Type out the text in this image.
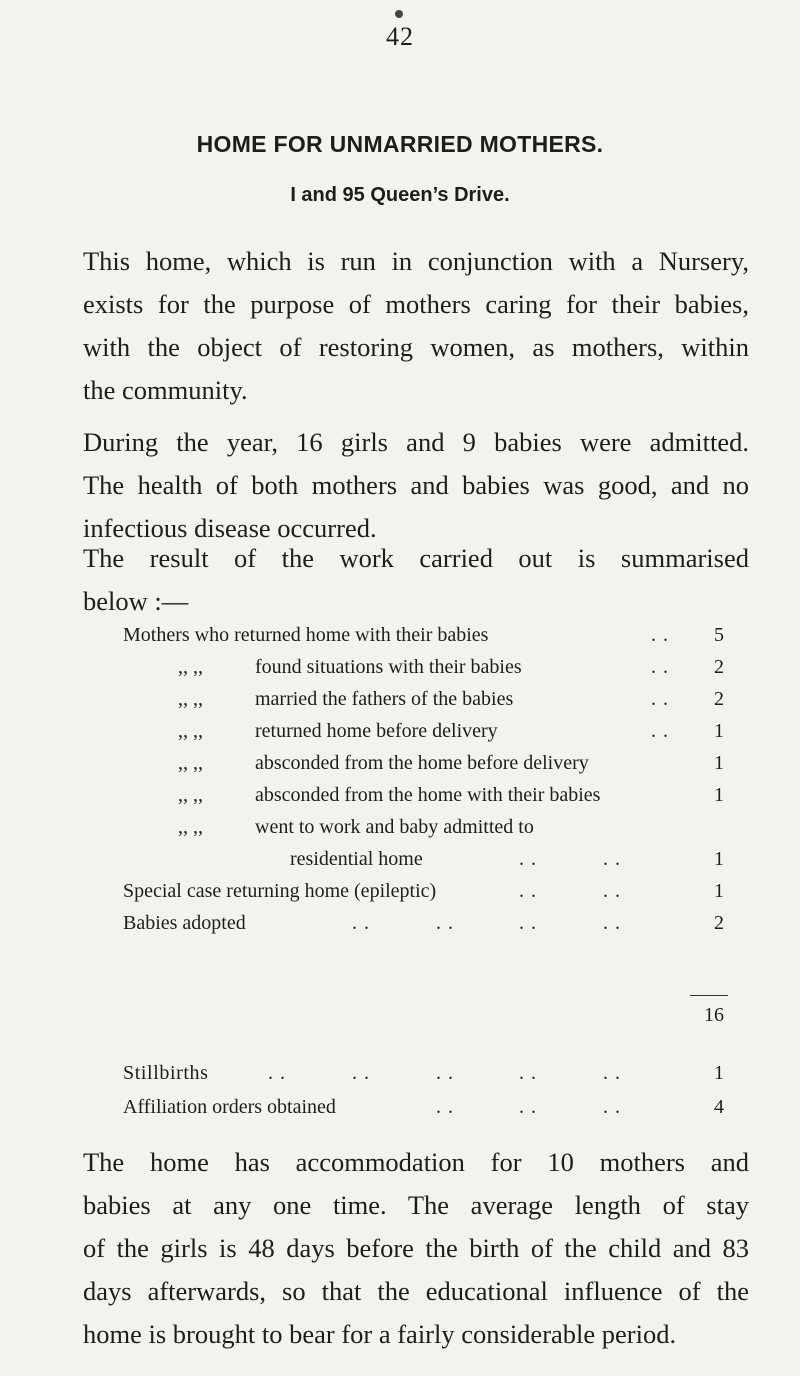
42
HOME FOR UNMARRIED MOTHERS.
I and 95 Queen’s Drive.

This home, which is run in conjunction with a Nursery,
exists for the purpose of mothers caring for their babies,
with the object of restoring women, as mothers, within
the community.

During the year, 16 girls and 9 babies were admitted.
The health of both mothers and babies was good, and no
infectious disease occurred.

The result of the work carried out is summarised
below :—

Mothers who returned home with their babies	. .	5
,, ,,	found situations with their babies	. .	2
,, ,,	married the fathers of the babies	. .	2
,, ,,	returned home before delivery	. .	1
,, ,,	absconded from the home before delivery	1
,, ,,	absconded from the home with their babies	1
,, ,,	went to work and baby admitted to
residential home	. .	. .	1
Special case returning home (epileptic)	. .	. .	1
Babies adopted	. .	. .	. .	. .	2
16
Stillbirths	. .	. .	. .	. .	. .	1
Affiliation orders obtained	. .	. .	. .	4

The home has accommodation for 10 mothers and
babies at any one time. The average length of stay
of the girls is 48 days before the birth of the child and 83
days afterwards, so that the educational influence of the
home is brought to bear for a fairly considerable period.
